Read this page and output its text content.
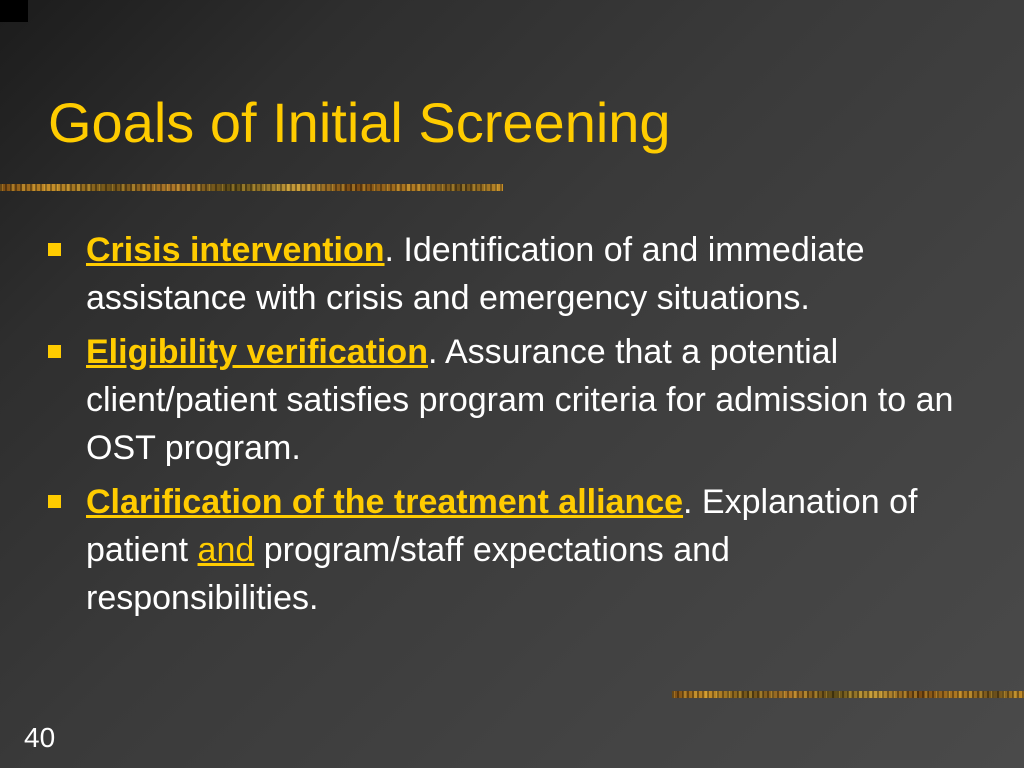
Goals of Initial Screening
Crisis intervention. Identification of and immediate assistance with crisis and emergency situations.
Eligibility verification. Assurance that a potential client/patient satisfies program criteria for admission to an OST program.
Clarification of the treatment alliance. Explanation of patient and program/staff expectations and responsibilities.
40
